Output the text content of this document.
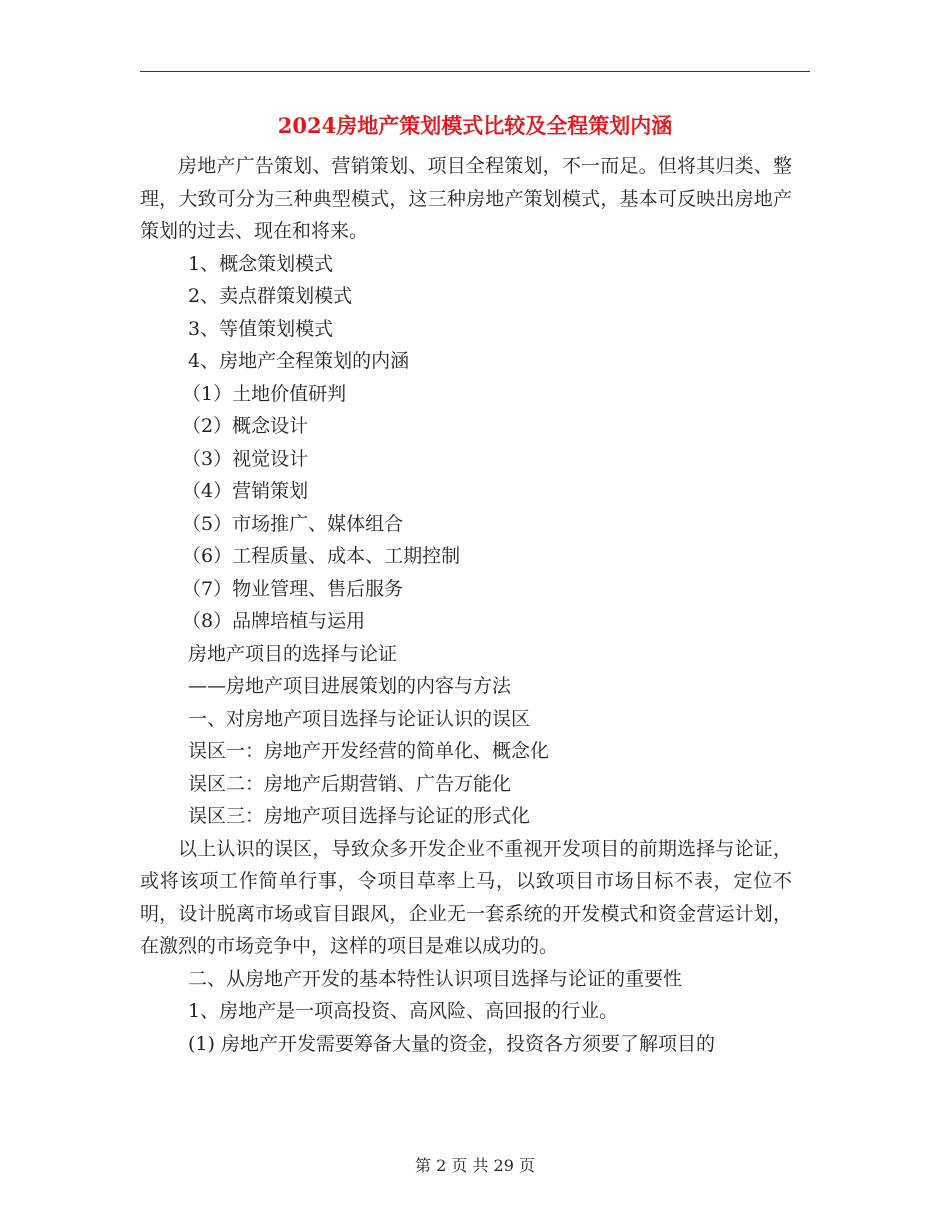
2024房地产策划模式比较及全程策划内涵

房地产广告策划、营销策划、项目全程策划，不一而足。但将其归类、整理，大致可分为三种典型模式，这三种房地产策划模式，基本可反映出房地产策划的过去、现在和将来。

1、概念策划模式

2、卖点群策划模式

3、等值策划模式

4、房地产全程策划的内涵

（1）土地价值研判

（2）概念设计

（3）视觉设计

（4）营销策划

（5）市场推广、媒体组合

（6）工程质量、成本、工期控制

（7）物业管理、售后服务

（8）品牌培植与运用

房地产项目的选择与论证

——房地产项目进展策划的内容与方法

一、对房地产项目选择与论证认识的误区

误区一：房地产开发经营的简单化、概念化

误区二：房地产后期营销、广告万能化

误区三：房地产项目选择与论证的形式化

以上认识的误区，导致众多开发企业不重视开发项目的前期选择与论证，或将该项工作简单行事，令项目草率上马，以致项目市场目标不表，定位不明，设计脱离市场或盲目跟风，企业无一套系统的开发模式和资金营运计划，在激烈的市场竞争中，这样的项目是难以成功的。

二、从房地产开发的基本特性认识项目选择与论证的重要性

1、房地产是一项高投资、高风险、高回报的行业。

(1) 房地产开发需要筹备大量的资金，投资各方须要了解项目的

第 2 页 共 29 页
